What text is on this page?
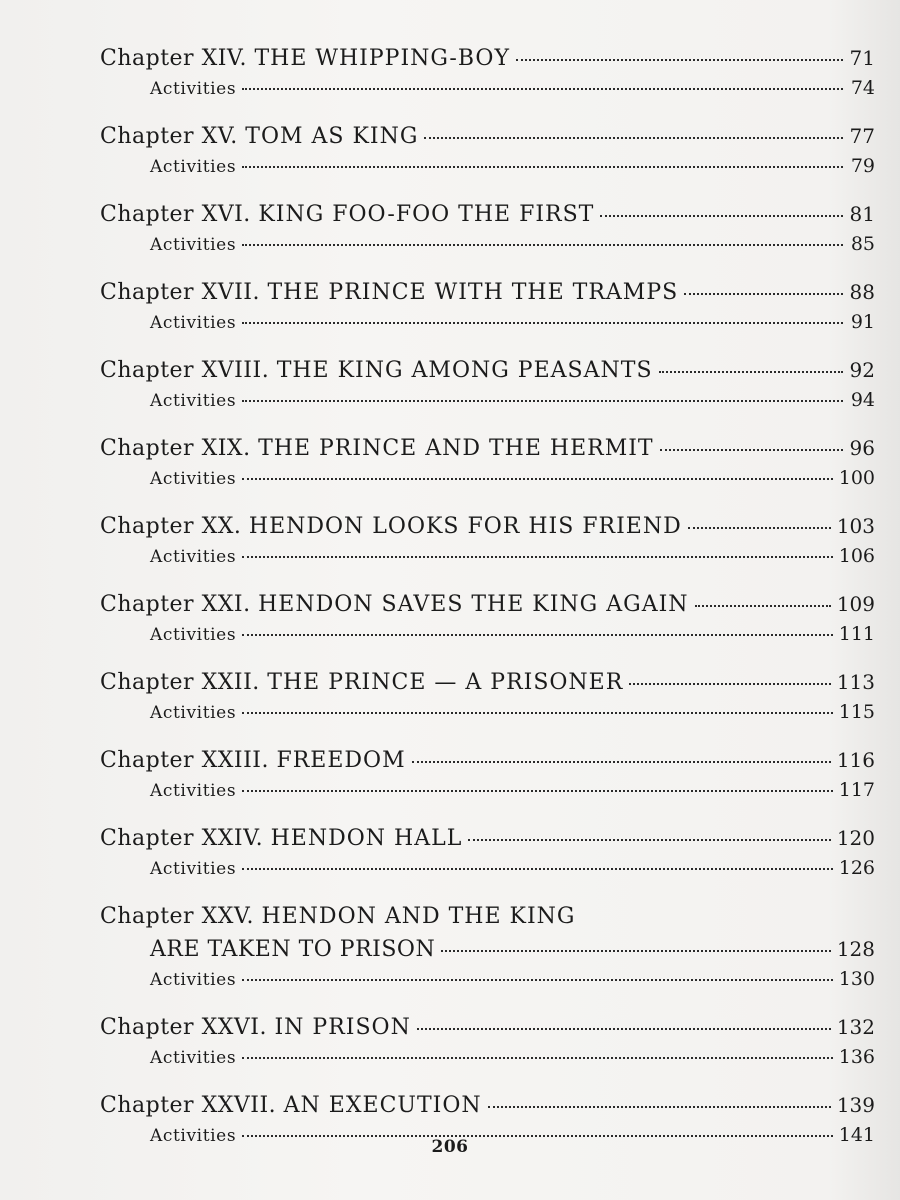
Chapter XIV. THE WHIPPING-BOY	71
Activities	74
Chapter XV. TOM AS KING	77
Activities	79
Chapter XVI. KING FOO-FOO THE FIRST	81
Activities	85
Chapter XVII. THE PRINCE WITH THE TRAMPS	88
Activities	91
Chapter XVIII. THE KING AMONG PEASANTS	92
Activities	94
Chapter XIX. THE PRINCE AND THE HERMIT	96
Activities	100
Chapter XX. HENDON LOOKS FOR HIS FRIEND	103
Activities	106
Chapter XXI. HENDON SAVES THE KING AGAIN	109
Activities	111
Chapter XXII. THE PRINCE — A PRISONER	113
Activities	115
Chapter XXIII. FREEDOM	116
Activities	117
Chapter XXIV. HENDON HALL	120
Activities	126
Chapter XXV. HENDON AND THE KING
ARE TAKEN TO PRISON	128
Activities	130
Chapter XXVI. IN PRISON	132
Activities	136
Chapter XXVII. AN EXECUTION	139
Activities	141
206
